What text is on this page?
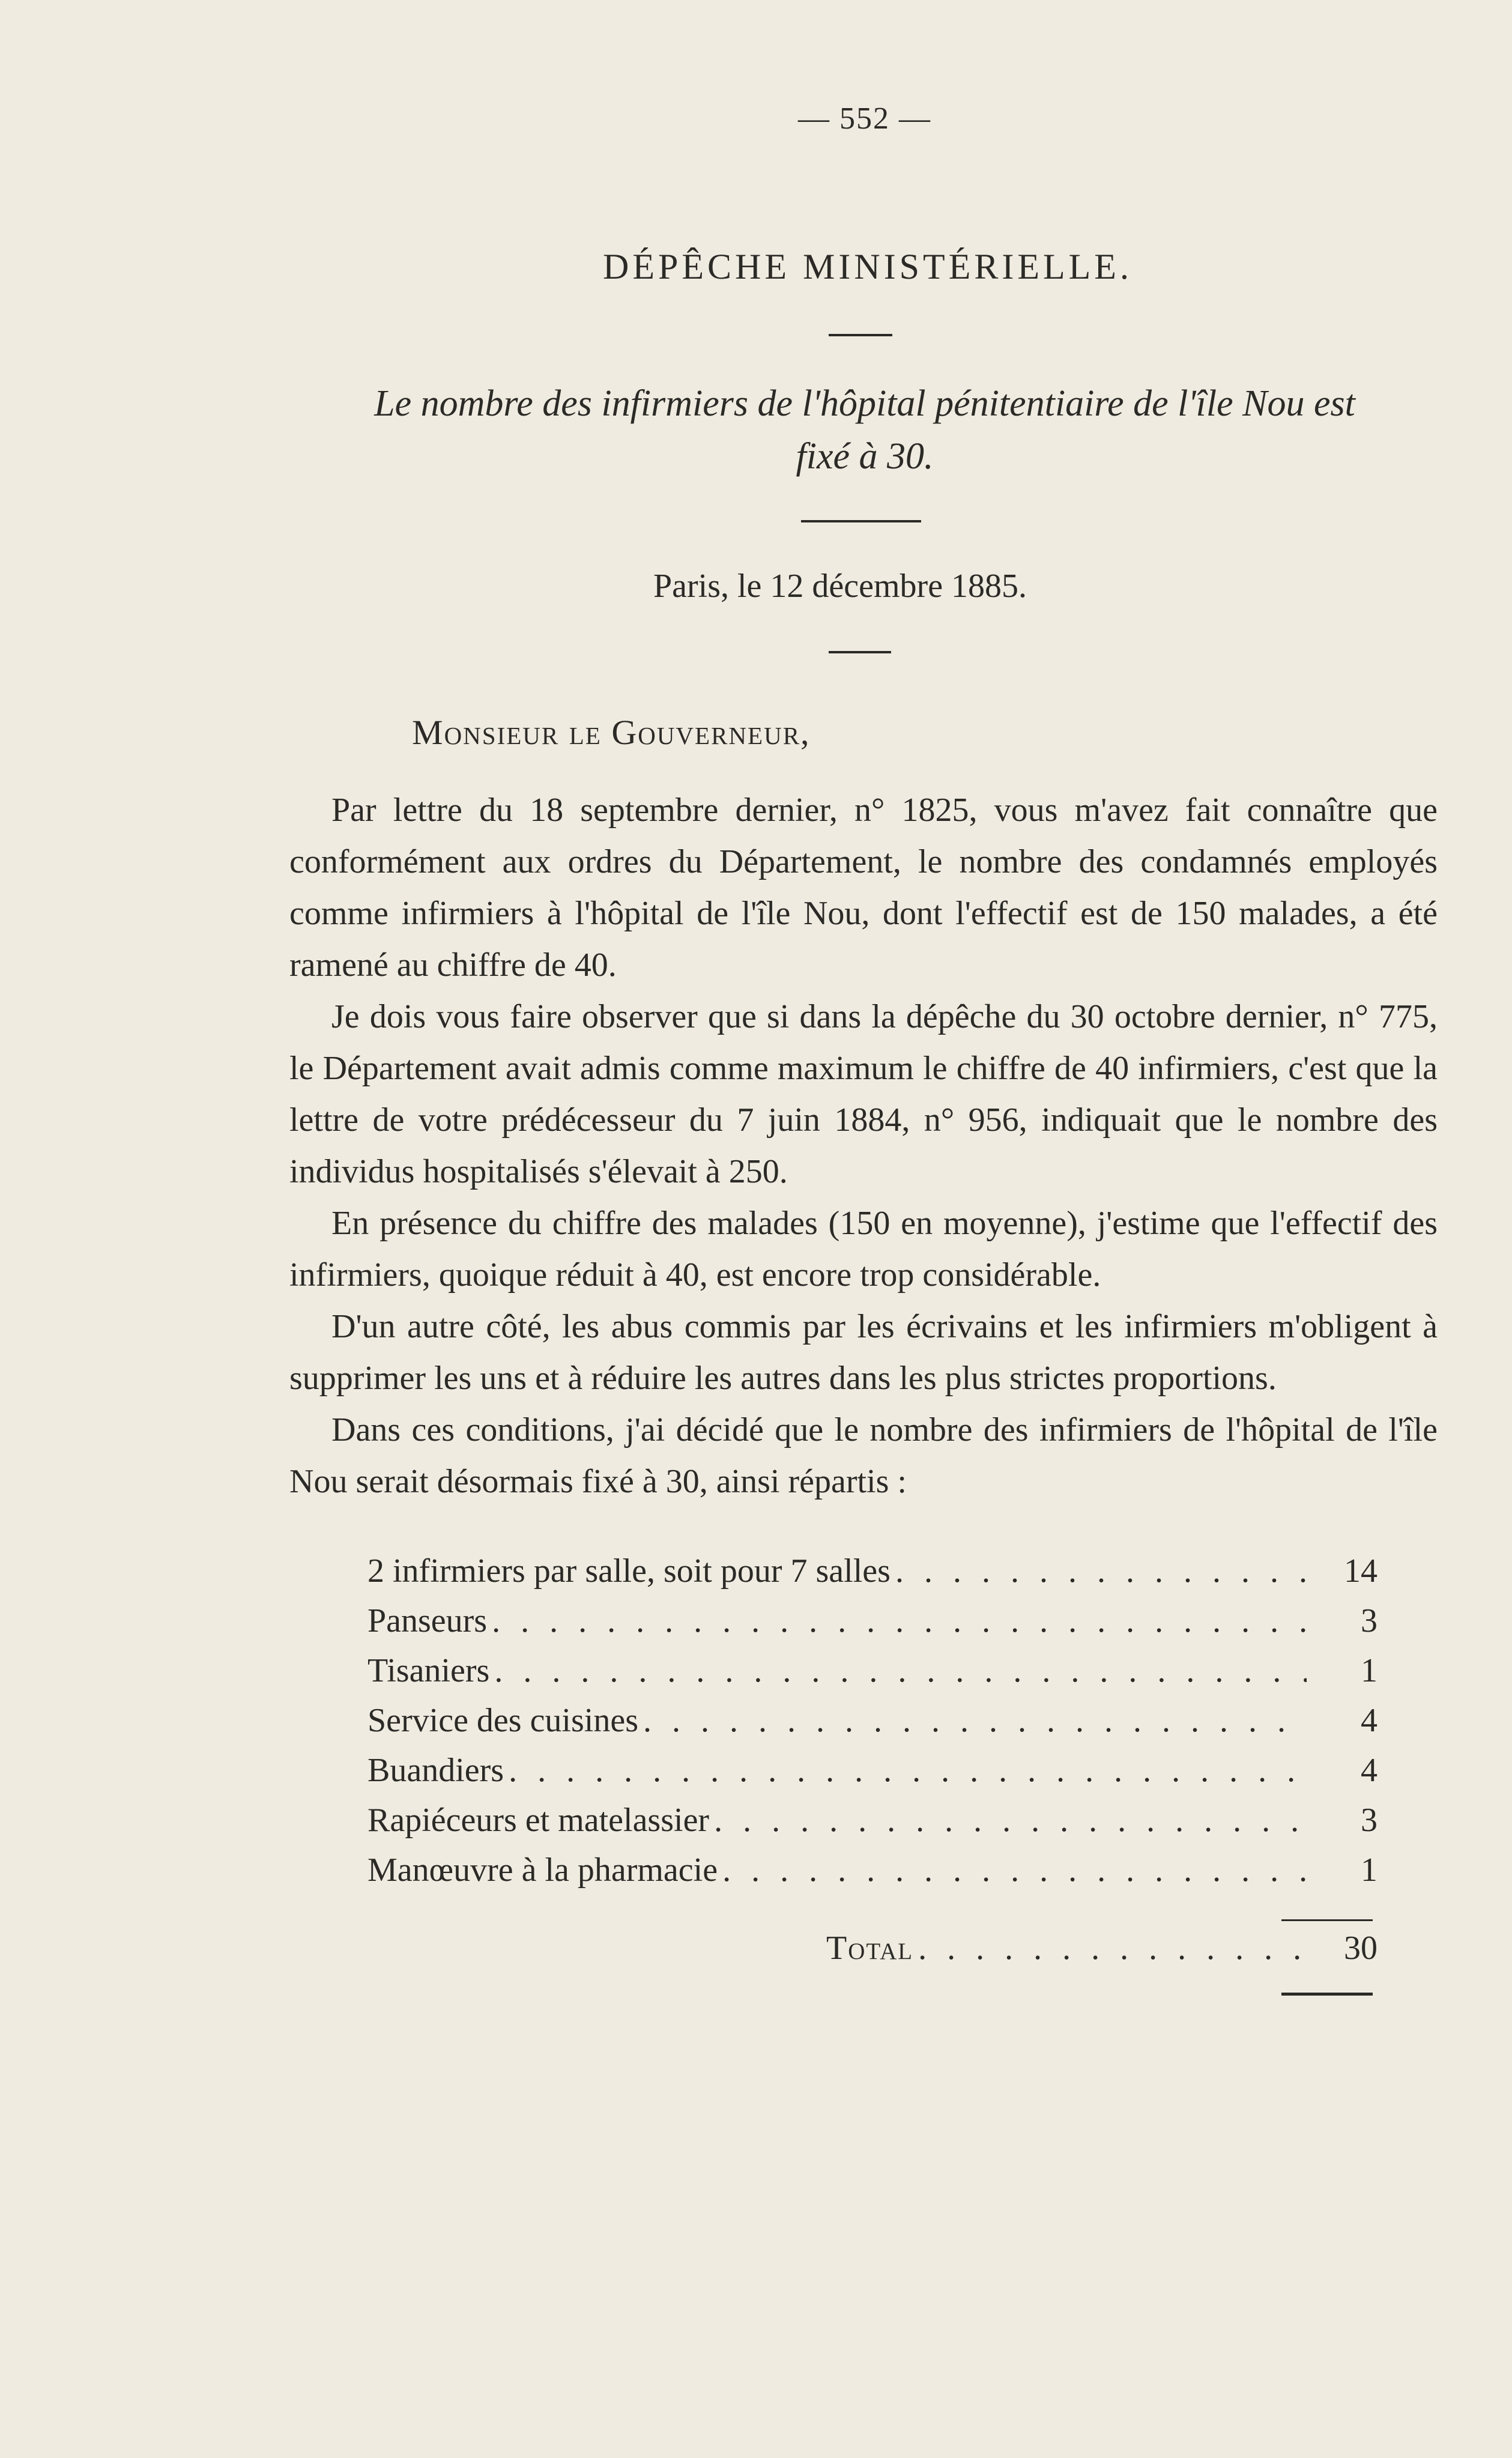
— 552 —
DÉPÊCHE MINISTÉRIELLE.
Le nombre des infirmiers de l'hôpital pénitentiaire de l'île Nou est fixé à 30.
Paris, le 12 décembre 1885.
Monsieur le Gouverneur,

Par lettre du 18 septembre dernier, n° 1825, vous m'avez fait connaître que conformément aux ordres du Département, le nombre des condamnés employés comme infirmiers à l'hôpital de l'île Nou, dont l'effectif est de 150 malades, a été ramené au chiffre de 40.

Je dois vous faire observer que si dans la dépêche du 30 octobre dernier, n° 775, le Département avait admis comme maximum le chiffre de 40 infirmiers, c'est que la lettre de votre prédécesseur du 7 juin 1884, n° 956, indiquait que le nombre des individus hospitalisés s'élevait à 250.

En présence du chiffre des malades (150 en moyenne), j'estime que l'effectif des infirmiers, quoique réduit à 40, est encore trop considérable.

D'un autre côté, les abus commis par les écrivains et les infirmiers m'obligent à supprimer les uns et à réduire les autres dans les plus strictes proportions.

Dans ces conditions, j'ai décidé que le nombre des infirmiers de l'hôpital de l'île Nou serait désormais fixé à 30, ainsi répartis :

2 infirmiers par salle, soit pour 7 salles . . .	14
Panseurs . . .	3
Tisaniers . . .	1
Service des cuisines . . .	4
Buandiers . . .	4
Rapiéceurs et matelassier . . .	3
Manœuvre à la pharmacie . . .	1
Total . . .	30
